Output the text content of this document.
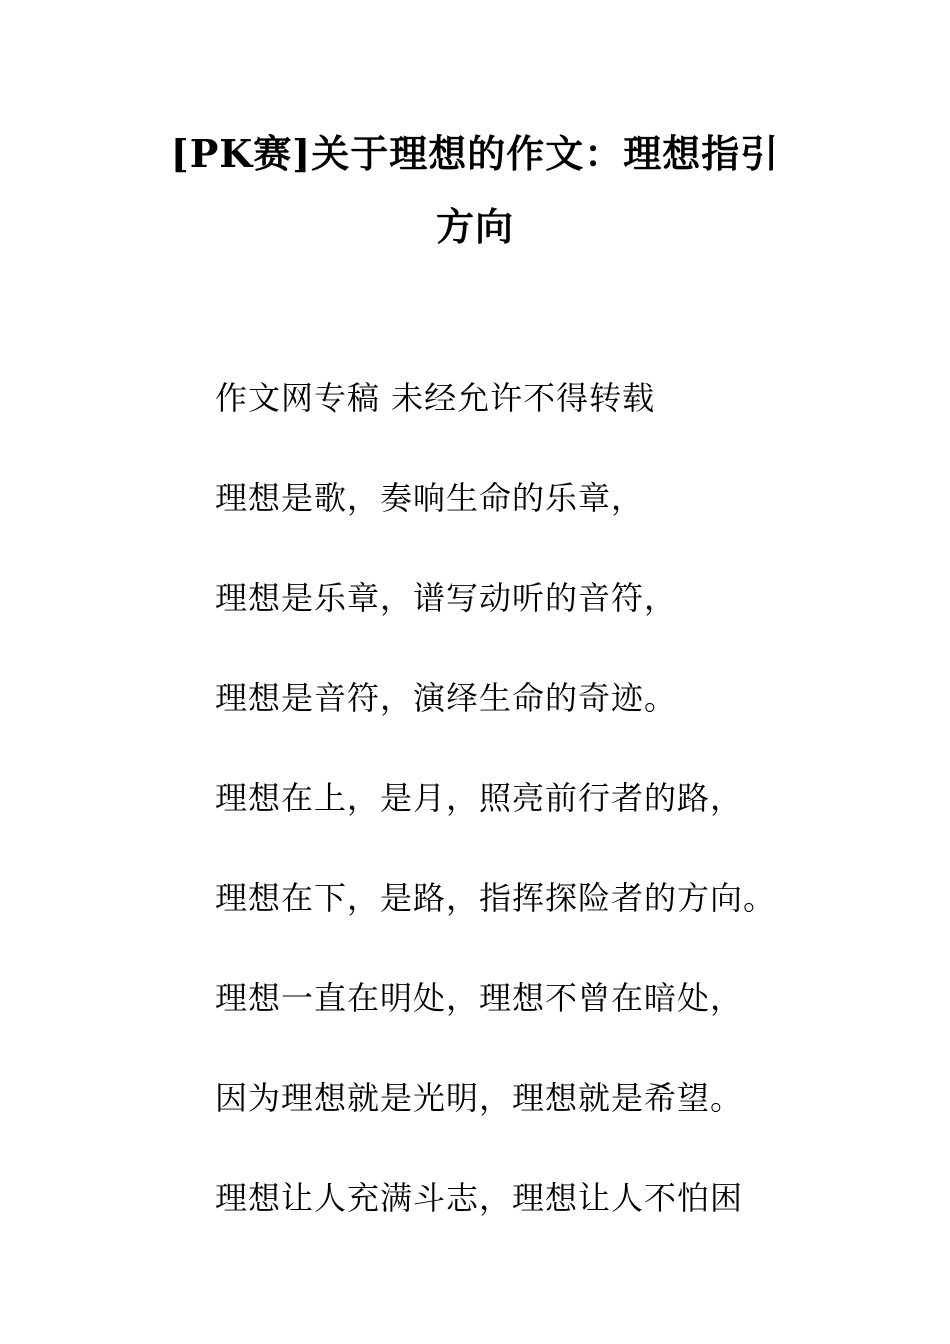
[PK赛]关于理想的作文：理想指引
方向
作文网专稿 未经允许不得转载
理想是歌，奏响生命的乐章，
理想是乐章，谱写动听的音符，
理想是音符，演绎生命的奇迹。
理想在上，是月，照亮前行者的路，
理想在下，是路，指挥探险者的方向。
理想一直在明处，理想不曾在暗处，
因为理想就是光明，理想就是希望。
理想让人充满斗志，理想让人不怕困
